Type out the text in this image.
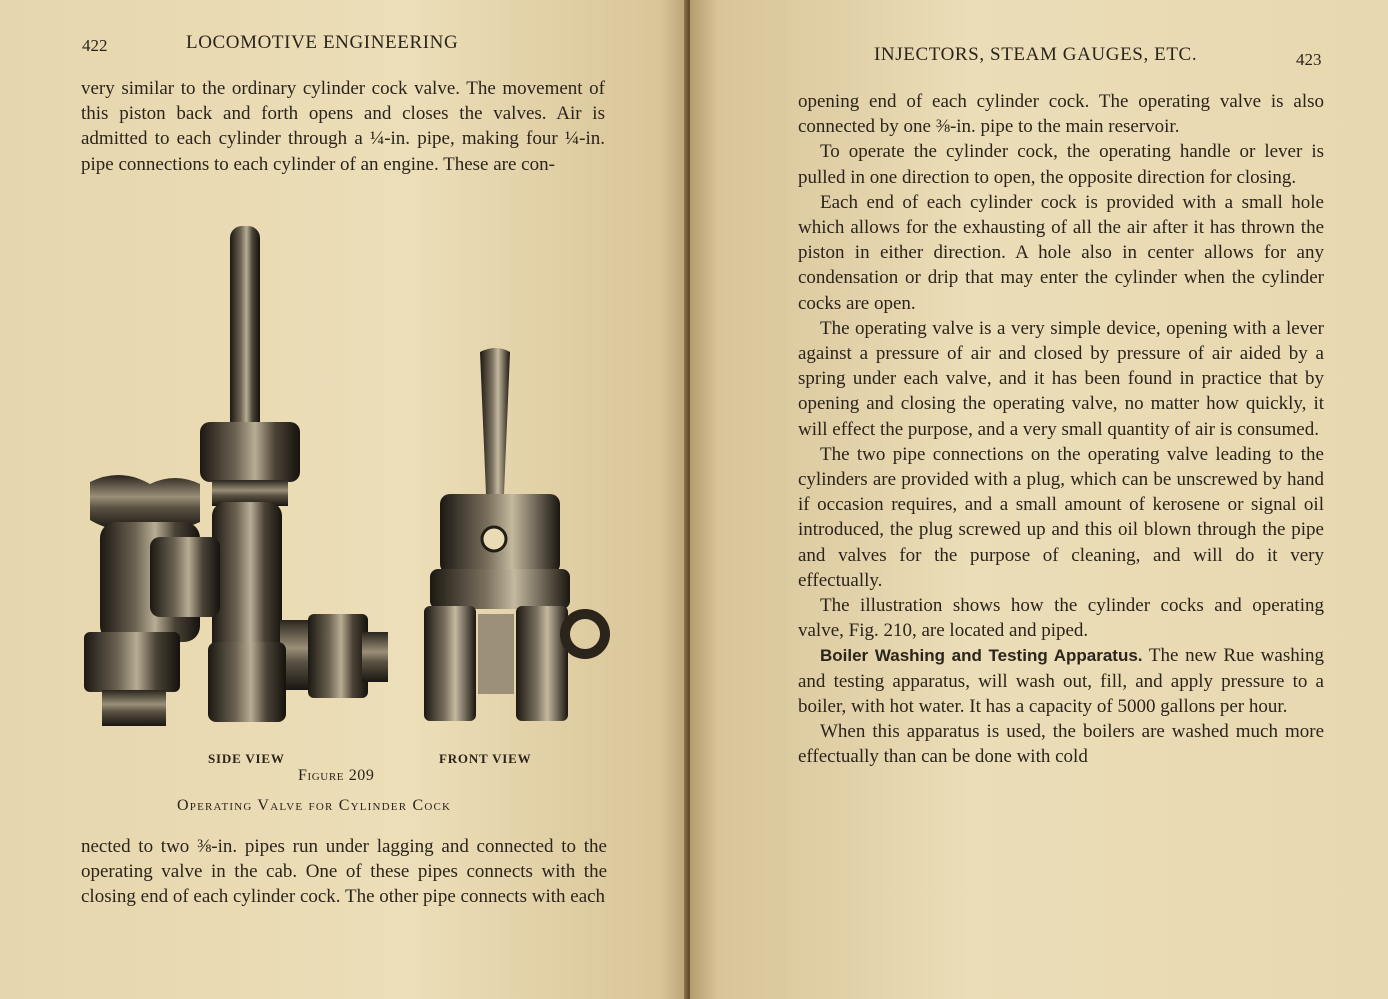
422	LOCOMOTIVE ENGINEERING

very similar to the ordinary cylinder cock valve. The movement of this piston back and forth opens and closes the valves. Air is admitted to each cylinder through a ¼-in. pipe, making four ¼-in. pipe connections to each cylinder of an engine. These are con-

SIDE VIEW	FRONT VIEW
Figure 209
Operating Valve for Cylinder Cock

nected to two ⅜-in. pipes run under lagging and connected to the operating valve in the cab. One of these pipes connects with the closing end of each cylinder cock. The other pipe connects with each

INJECTORS, STEAM GAUGES, ETC.	423

opening end of each cylinder cock. The operating valve is also connected by one ⅜-in. pipe to the main reservoir.

To operate the cylinder cock, the operating handle or lever is pulled in one direction to open, the opposite direction for closing.

Each end of each cylinder cock is provided with a small hole which allows for the exhausting of all the air after it has thrown the piston in either direction. A hole also in center allows for any condensation or drip that may enter the cylinder when the cylinder cocks are open.

The operating valve is a very simple device, opening with a lever against a pressure of air and closed by pressure of air aided by a spring under each valve, and it has been found in practice that by opening and closing the operating valve, no matter how quickly, it will effect the purpose, and a very small quantity of air is consumed.

The two pipe connections on the operating valve leading to the cylinders are provided with a plug, which can be unscrewed by hand if occasion requires, and a small amount of kerosene or signal oil introduced, the plug screwed up and this oil blown through the pipe and valves for the purpose of cleaning, and will do it very effectually.

The illustration shows how the cylinder cocks and operating valve, Fig. 210, are located and piped.

Boiler Washing and Testing Apparatus. The new Rue washing and testing apparatus, will wash out, fill, and apply pressure to a boiler, with hot water. It has a capacity of 5000 gallons per hour.

When this apparatus is used, the boilers are washed much more effectually than can be done with cold
